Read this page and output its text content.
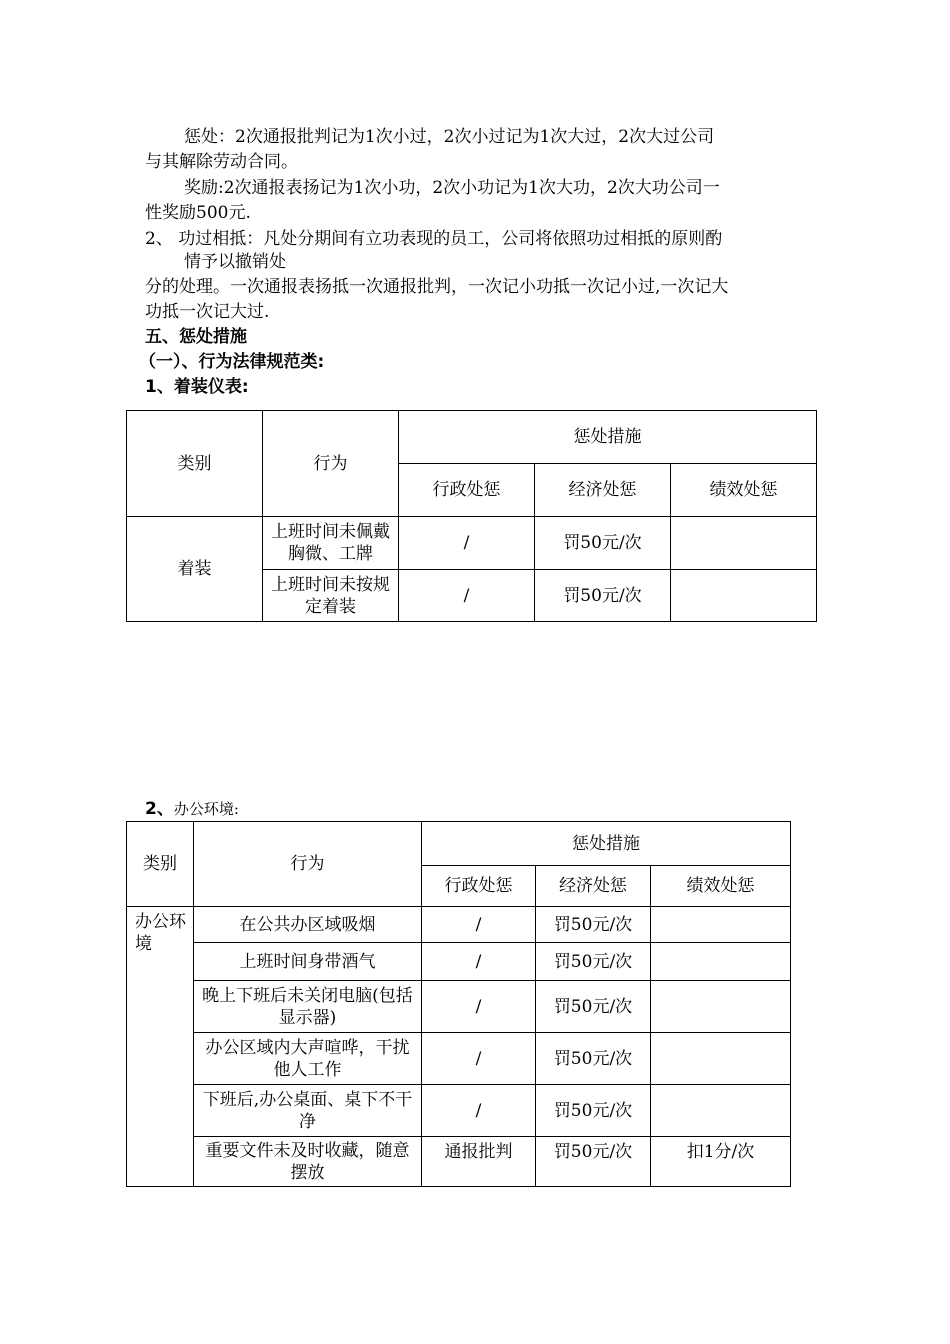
惩处：2次通报批判记为1次小过，2次小过记为1次大过，2次大过公司
与其解除劳动合同。
奖励:2次通报表扬记为1次小功，2次小功记为1次大功，2次大功公司一
性奖励500元.
2、 功过相抵：凡处分期间有立功表现的员工，公司将依照功过相抵的原则酌
情予以撤销处
分的处理。一次通报表扬抵一次通报批判，一次记小功抵一次记小过,一次记大
功抵一次记大过.
五、惩处措施
（一）、行为法律规范类:
1、着装仪表:
类别	行为	惩处措施		
		行政处惩	经济处惩	绩效处惩
着装	上班时间未佩戴胸微、工牌	/	罚50元/次	
	上班时间未按规定着装	/	罚50元/次	
2、办公环境:
类别	行为	惩处措施		
		行政处惩	经济处惩	绩效处惩
办公环境	在公共办区域吸烟	/	罚50元/次	
	上班时间身带酒气	/	罚50元/次	
	晚上下班后未关闭电脑(包括显示器)	/	罚50元/次	
	办公区域内大声喧哗，干扰他人工作	/	罚50元/次	
	下班后,办公桌面、桌下不干净	/	罚50元/次	
	重要文件未及时收藏，随意摆放	通报批判	罚50元/次	扣1分/次
